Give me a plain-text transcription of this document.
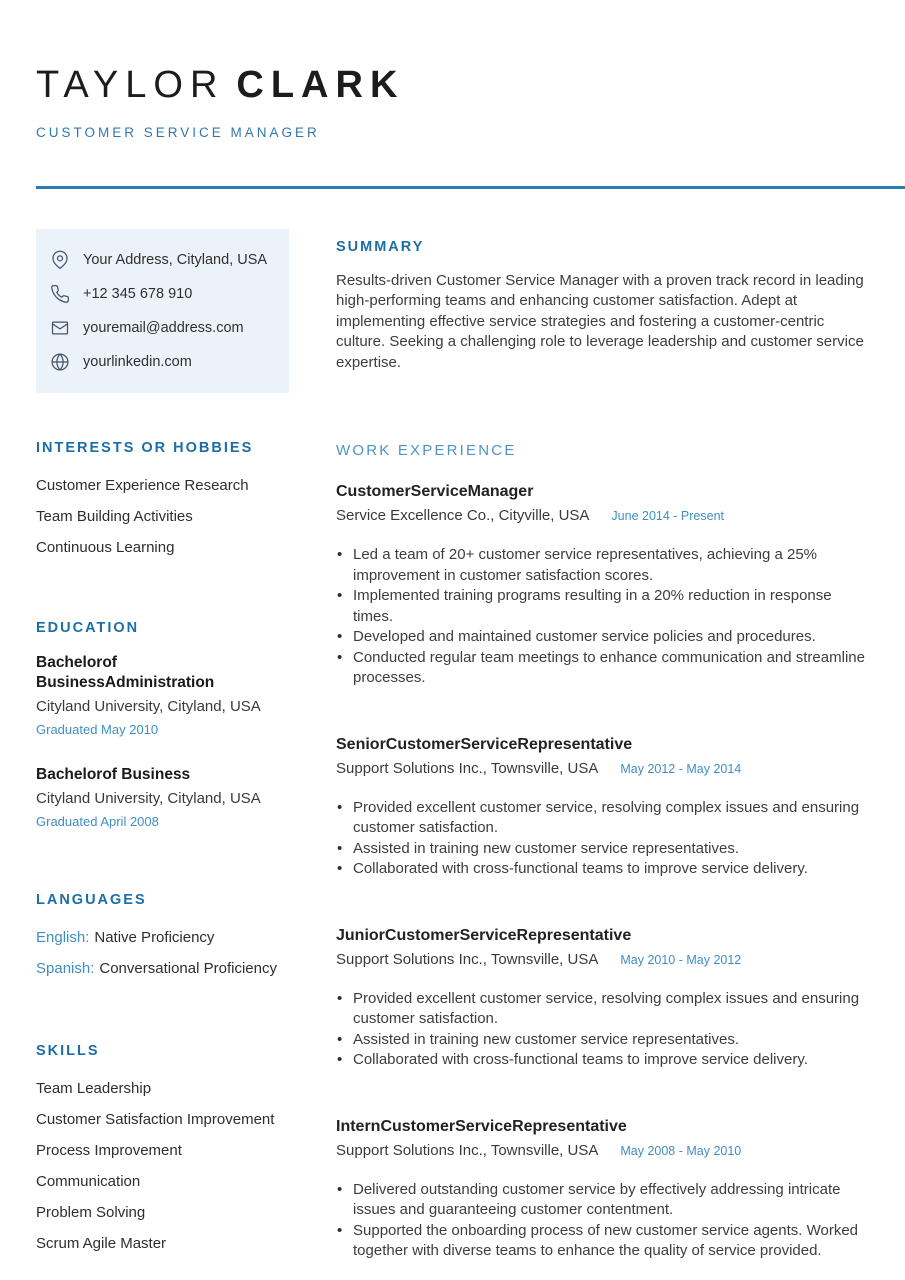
TAYLOR CLARK
CUSTOMER SERVICE MANAGER
Your Address, Cityland, USA
+12 345 678 910
youremail@address.com
yourlinkedin.com
INTERESTS OR HOBBIES
Customer Experience Research
Team Building Activities
Continuous Learning
EDUCATION
Bachelorof BusinessAdministration
Cityland University, Cityland, USA
Graduated May 2010
Bachelorof Business
Cityland University, Cityland, USA
Graduated April 2008
LANGUAGES
English: Native Proficiency
Spanish: Conversational Proficiency
SKILLS
Team Leadership
Customer Satisfaction Improvement
Process Improvement
Communication
Problem Solving
Scrum Agile Master
SUMMARY
Results-driven Customer Service Manager with a proven track record in leading high-performing teams and enhancing customer satisfaction. Adept at implementing effective service strategies and fostering a customer-centric culture. Seeking a challenging role to leverage leadership and customer service expertise.
WORK EXPERIENCE
CustomerServiceManager
Service Excellence Co., Cityville, USA June 2014 - Present
• Led a team of 20+ customer service representatives, achieving a 25% improvement in customer satisfaction scores.
• Implemented training programs resulting in a 20% reduction in response times.
• Developed and maintained customer service policies and procedures.
• Conducted regular team meetings to enhance communication and streamline processes.
SeniorCustomerServiceRepresentative
Support Solutions Inc., Townsville, USA May 2012 - May 2014
• Provided excellent customer service, resolving complex issues and ensuring customer satisfaction.
• Assisted in training new customer service representatives.
• Collaborated with cross-functional teams to improve service delivery.
JuniorCustomerServiceRepresentative
Support Solutions Inc., Townsville, USA May 2010 - May 2012
• Provided excellent customer service, resolving complex issues and ensuring customer satisfaction.
• Assisted in training new customer service representatives.
• Collaborated with cross-functional teams to improve service delivery.
InternCustomerServiceRepresentative
Support Solutions Inc., Townsville, USA May 2008 - May 2010
• Delivered outstanding customer service by effectively addressing intricate issues and guaranteeing customer contentment.
• Supported the onboarding process of new customer service agents. Worked together with diverse teams to enhance the quality of service provided.
